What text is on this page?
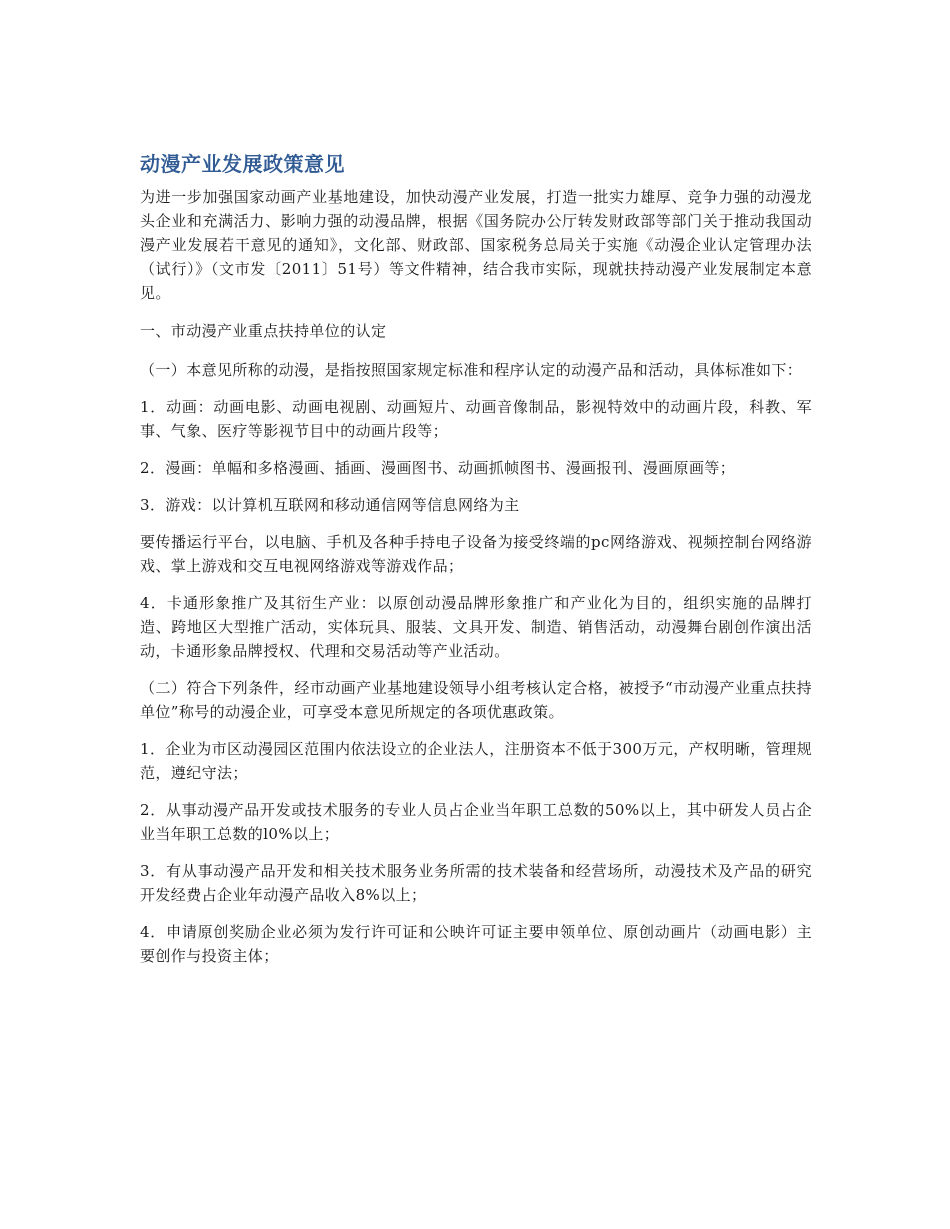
动漫产业发展政策意见

为进一步加强国家动画产业基地建设，加快动漫产业发展，打造一批实力雄厚、竞争力强的动漫龙头企业和充满活力、影响力强的动漫品牌，根据《国务院办公厅转发财政部等部门关于推动我国动漫产业发展若干意见的通知》，文化部、财政部、国家税务总局关于实施《动漫企业认定管理办法（试行）》（文市发〔2011〕51号）等文件精神，结合我市实际，现就扶持动漫产业发展制定本意见。

一、市动漫产业重点扶持单位的认定

（一）本意见所称的动漫，是指按照国家规定标准和程序认定的动漫产品和活动，具体标准如下：

1．动画：动画电影、动画电视剧、动画短片、动画音像制品，影视特效中的动画片段，科教、军事、气象、医疗等影视节目中的动画片段等；

2．漫画：单幅和多格漫画、插画、漫画图书、动画抓帧图书、漫画报刊、漫画原画等；

3．游戏：以计算机互联网和移动通信网等信息网络为主

要传播运行平台，以电脑、手机及各种手持电子设备为接受终端的pc网络游戏、视频控制台网络游戏、掌上游戏和交互电视网络游戏等游戏作品；

4．卡通形象推广及其衍生产业：以原创动漫品牌形象推广和产业化为目的，组织实施的品牌打造、跨地区大型推广活动，实体玩具、服装、文具开发、制造、销售活动，动漫舞台剧创作演出活动，卡通形象品牌授权、代理和交易活动等产业活动。

（二）符合下列条件，经市动画产业基地建设领导小组考核认定合格，被授予“市动漫产业重点扶持单位”称号的动漫企业，可享受本意见所规定的各项优惠政策。

1．企业为市区动漫园区范围内依法设立的企业法人，注册资本不低于300万元，产权明晰，管理规范，遵纪守法；

2．从事动漫产品开发或技术服务的专业人员占企业当年职工总数的50%以上，其中研发人员占企业当年职工总数的l0%以上；

3．有从事动漫产品开发和相关技术服务业务所需的技术装备和经营场所，动漫技术及产品的研究开发经费占企业年动漫产品收入8%以上；

4．申请原创奖励企业必须为发行许可证和公映许可证主要申领单位、原创动画片（动画电影）主要创作与投资主体；
